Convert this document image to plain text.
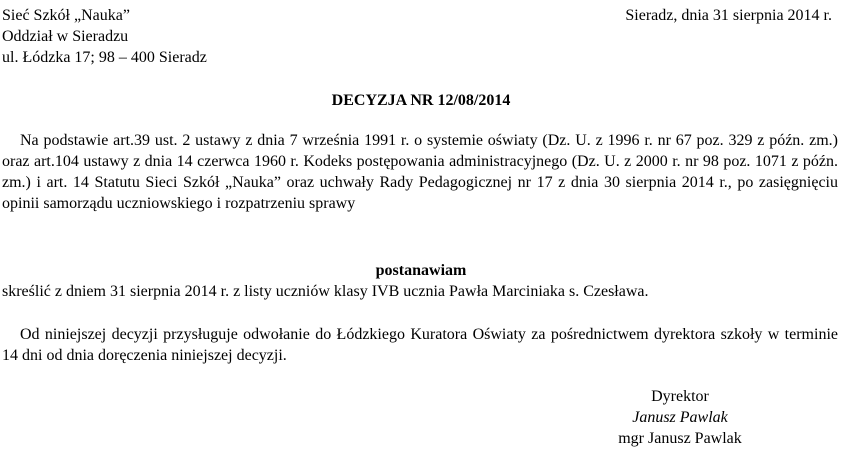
Sieć Szkół „Nauka”
Oddział w Sieradzu
ul. Łódzka 17; 98 – 400 Sieradz
Sieradz, dnia 31 sierpnia 2014 r.
DECYZJA NR 12/08/2014

Na podstawie art.39 ust. 2 ustawy z dnia 7 września 1991 r. o systemie oświaty (Dz. U. z 1996 r. nr 67 poz. 329 z późn. zm.) oraz art.104 ustawy z dnia 14 czerwca 1960 r. Kodeks postępowania administracyjnego (Dz. U. z 2000 r. nr 98 poz. 1071 z późn. zm.) i art. 14 Statutu Sieci Szkół „Nauka” oraz uchwały Rady Pedagogicznej nr 17 z dnia 30 sierpnia 2014 r., po zasięgnięciu opinii samorządu uczniowskiego i rozpatrzeniu sprawy

postanawiam

skreślić z dniem 31 sierpnia 2014 r. z listy uczniów klasy IVB ucznia Pawła Marciniaka s. Czesława.

Od niniejszej decyzji przysługuje odwołanie do Łódzkiego Kuratora Oświaty za pośrednictwem dyrektora szkoły w terminie 14 dni od dnia doręczenia niniejszej decyzji.

Dyrektor
Janusz Pawlak
mgr Janusz Pawlak
